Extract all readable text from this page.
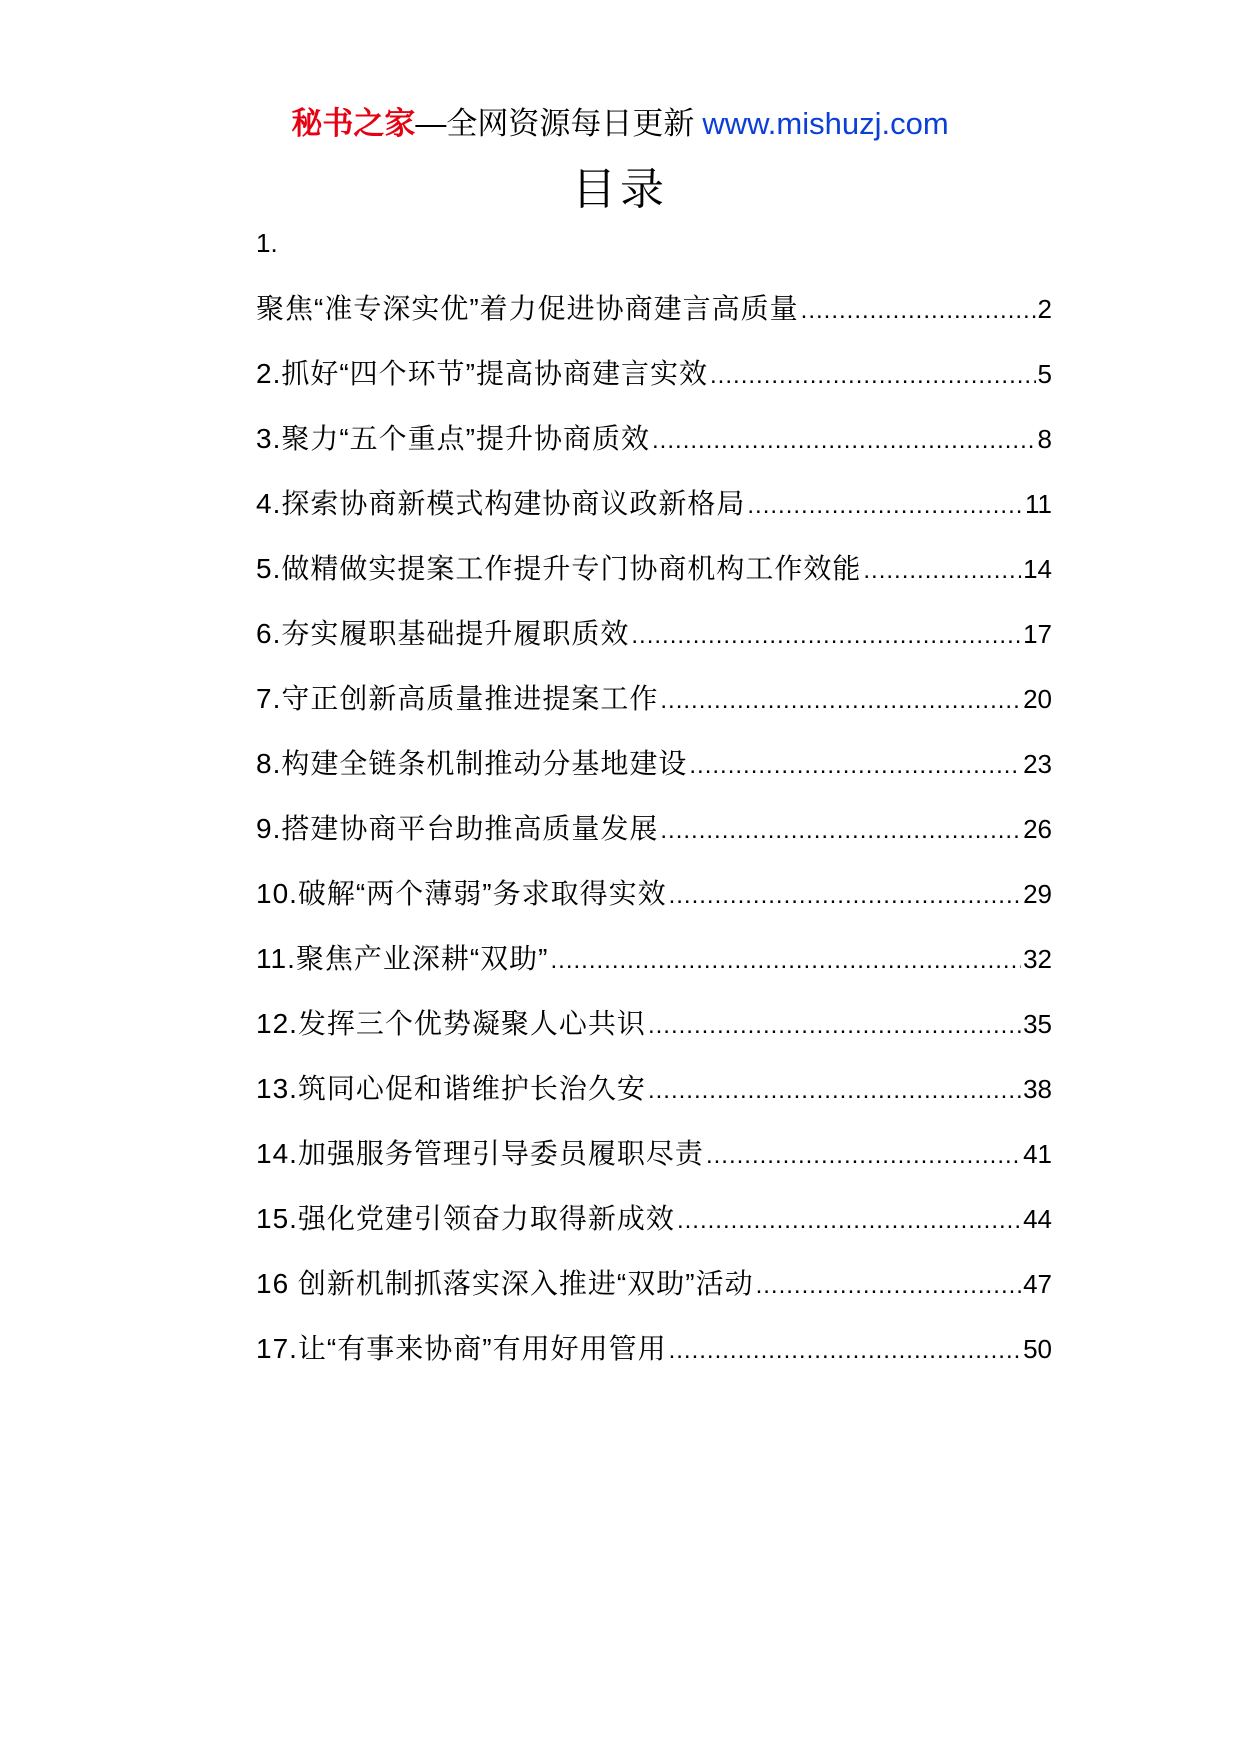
秘书之家—全网资源每日更新 www.mishuzj.com
目录
1.
聚焦“准专深实优”着力促进协商建言高质量 .....	2
2.抓好“四个环节”提高协商建言实效 .....	5
3.聚力“五个重点”提升协商质效 .....	8
4.探索协商新模式构建协商议政新格局 .....	11
5.做精做实提案工作提升专门协商机构工作效能 .....	14
6.夯实履职基础提升履职质效 .....	17
7.守正创新高质量推进提案工作 .....	20
8.构建全链条机制推动分基地建设 .....	23
9.搭建协商平台助推高质量发展 .....	26
10.破解“两个薄弱”务求取得实效 .....	29
11.聚焦产业深耕“双助” .....	32
12.发挥三个优势凝聚人心共识 .....	35
13.筑同心促和谐维护长治久安 .....	38
14.加强服务管理引导委员履职尽责 .....	41
15.强化党建引领奋力取得新成效 .....	44
16 创新机制抓落实深入推进“双助”活动 .....	47
17.让“有事来协商”有用好用管用 .....	50
